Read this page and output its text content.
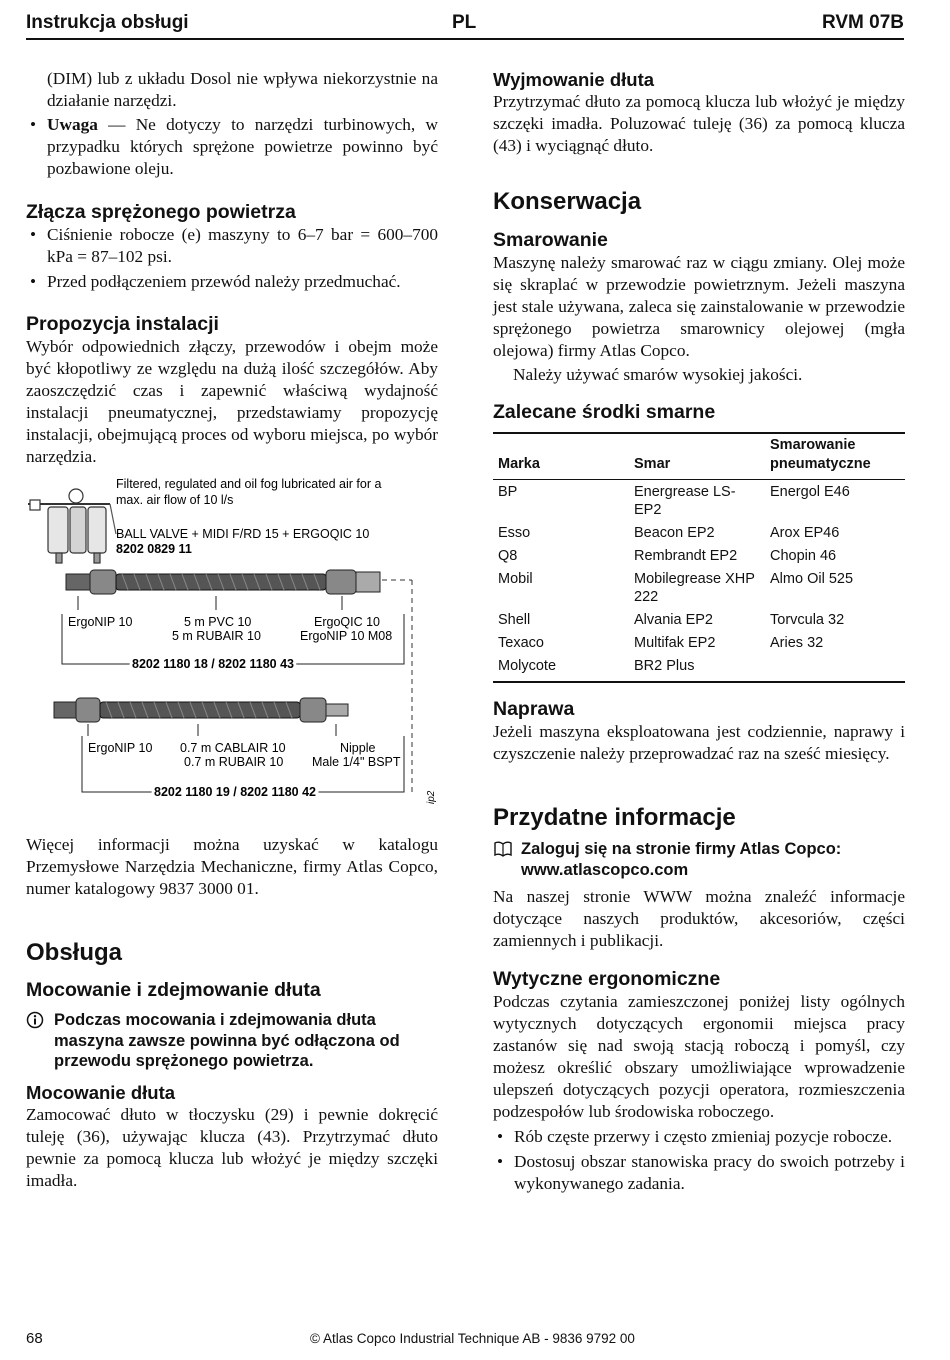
Instrukcja obsługi	PL	RVM 07B

(DIM) lub z układu Dosol nie wpływa niekorzystnie na działanie narzędzi.

• Uwaga — Ne dotyczy to narzędzi turbinowych, w przypadku których sprężone powietrze powinno być pozbawione oleju.
Złącza sprężonego powietrza
• Ciśnienie robocze (e) maszyny to 6–7 bar = 600–700 kPa = 87–102 psi.
• Przed podłączeniem przewód należy przedmuchać.
Propozycja instalacji

Wybór odpowiednich złączy, przewodów i obejm może być kłopotliwy ze względu na dużą ilość szczegółów. Aby zaoszczędzić czas i zapewnić właściwą wydajność instalacji pneumatycznej, przedstawiamy propozycję instalacji, obejmującą proces od wyboru miejsca, po wybór narzędzia.

Filtered, regulated and oil fog lubricated air for a
max. air flow of 10 l/s
BALL VALVE + MIDI F/RD 15 + ERGOQIC 10
8202 0829 11
ErgoNIP 10	5 m PVC 10
5 m RUBAIR 10
ErgoQIC 10
ErgoNIP 10 M08
8202 1180 18 / 8202 1180 43
ErgoNIP 10 0.7 m CABLAIR 10
0.7 m RUBAIR 10
Nipple
Male 1/4" BSPT
8202 1180 19 / 8202 1180 42	ip2

Więcej informacji można uzyskać w katalogu Przemysłowe Narzędzia Mechaniczne, firmy Atlas Copco, numer katalogowy 9837 3000 01.

Obsługa
Mocowanie i zdejmowanie dłuta
Podczas mocowania i zdejmowania dłuta maszyna zawsze powinna być odłączona od przewodu sprężonego powietrza.
Mocowanie dłuta

Zamocować dłuto w tłoczysku (29) i pewnie dokręcić tuleję (36), używając klucza (43). Przytrzymać dłuto pewnie za pomocą klucza lub włożyć je między szczęki imadła.

Wyjmowanie dłuta

Przytrzymać dłuto za pomocą klucza lub włożyć je między szczęki imadła. Poluzować tuleję (36) za pomocą klucza (43) i wyciągnąć dłuto.

Konserwacja
Smarowanie

Maszynę należy smarować raz w ciągu zmiany. Olej może się skraplać w przewodzie powietrznym. Jeżeli maszyna jest stale używana, zaleca się zainstalowanie w przewodzie sprężonego powietrza smarownicy olejowej (mgła olejowa) firmy Atlas Copco.

Należy używać smarów wysokiej jakości.

Zalecane środki smarne
Marka	Smar	Smarowanie pneumatyczne
BP	Energrease LS-EP2	Energol E46
Esso	Beacon EP2	Arox EP46
Q8	Rembrandt EP2	Chopin 46
Mobil	Mobilegrease XHP 222	Almo Oil 525
Shell	Alvania EP2	Torvcula 32
Texaco	Multifak EP2	Aries 32
Molycote	BR2 Plus	
Naprawa

Jeżeli maszyna eksploatowana jest codziennie, naprawy i czyszczenie należy przeprowadzać raz na sześć miesięcy.

Przydatne informacje
Zaloguj się na stronie firmy Atlas Copco:
www.atlascopco.com

Na naszej stronie WWW można znaleźć informacje dotyczące naszych produktów, akcesoriów, części zamiennych i publikacji.

Wytyczne ergonomiczne

Podczas czytania zamieszczonej poniżej listy ogólnych wytycznych dotyczących ergonomii miejsca pracy zastanów się nad swoją stacją roboczą i pomyśl, czy możesz określić obszary umożliwiające wprowadzenie ulepszeń dotyczących pozycji operatora, rozmieszczenia podzespołów lub środowiska roboczego.

• Rób częste przerwy i często zmieniaj pozycje robocze.
• Dostosuj obszar stanowiska pracy do swoich potrzeby i wykonywanego zadania.
68	© Atlas Copco Industrial Technique AB - 9836 9792 00
